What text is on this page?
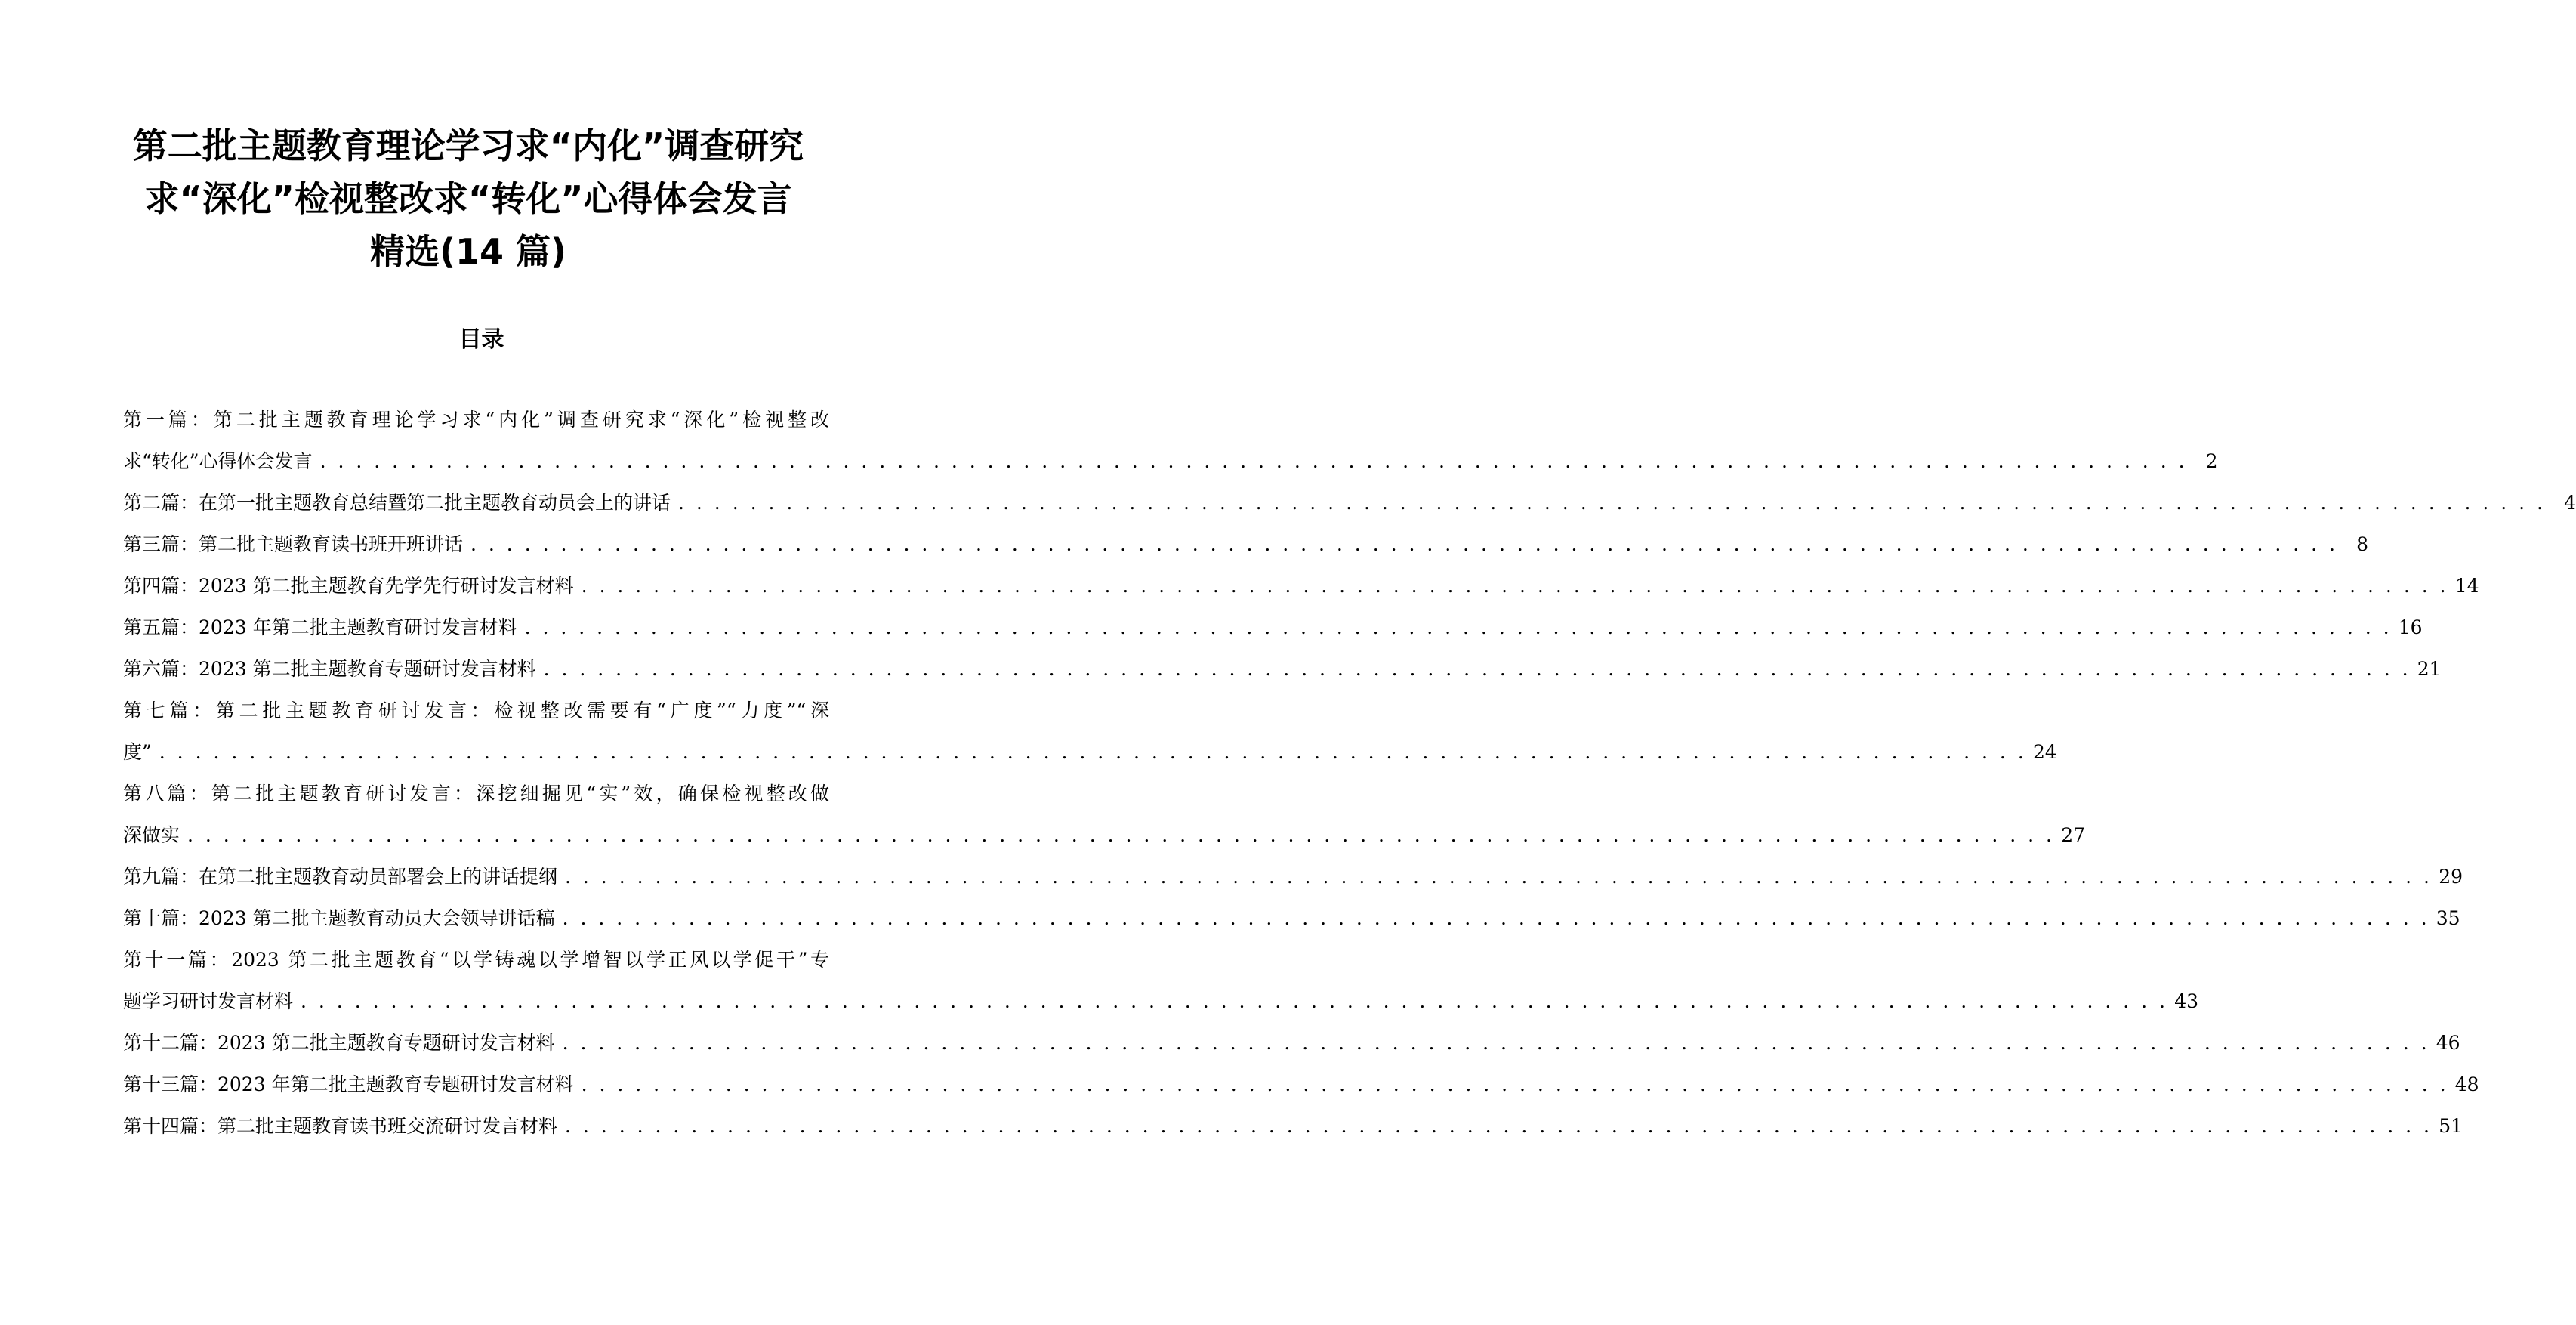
第二批主题教育理论学习求“内化”调查研究
求“深化”检视整改求“转化”心得体会发言
精选(14 篇)
目录
第一篇：第二批主题教育理论学习求“内化”调查研究求“深化”检视整改
求“转化”心得体会发言 . . . . . . . . . . . . . . . . . . . . . . . . . . . . . . . . . . . . . . . . . . . . . . . . . . . . . . . . . . . . . . . . . . . . . . . . . . . . . . . . . . . . . . . . . . . . . . . . . . . . . . . . 2
第二篇：在第一批主题教育总结暨第二批主题教育动员会上的讲话 . . . . . . . . . . . . . . . . . . . . . . . . . . . . . . . . . . . . . . . . . . . . . . . . . . . . . . . . . . . . . . . . . . . . . . . . . . . . . . . . . . . . . . . . . . . . . . . . . . . . . . . . 4
第三篇：第二批主题教育读书班开班讲话 . . . . . . . . . . . . . . . . . . . . . . . . . . . . . . . . . . . . . . . . . . . . . . . . . . . . . . . . . . . . . . . . . . . . . . . . . . . . . . . . . . . . . . . . . . . . . . . . . . . . . . . . 8
第四篇：2023 第二批主题教育先学先行研讨发言材料 . . . . . . . . . . . . . . . . . . . . . . . . . . . . . . . . . . . . . . . . . . . . . . . . . . . . . . . . . . . . . . . . . . . . . . . . . . . . . . . . . . . . . . . . . . . . . . . . . . . . . . . . 14
第五篇：2023 年第二批主题教育研讨发言材料 . . . . . . . . . . . . . . . . . . . . . . . . . . . . . . . . . . . . . . . . . . . . . . . . . . . . . . . . . . . . . . . . . . . . . . . . . . . . . . . . . . . . . . . . . . . . . . . . . . . . . . . . 16
第六篇：2023 第二批主题教育专题研讨发言材料 . . . . . . . . . . . . . . . . . . . . . . . . . . . . . . . . . . . . . . . . . . . . . . . . . . . . . . . . . . . . . . . . . . . . . . . . . . . . . . . . . . . . . . . . . . . . . . . . . . . . . . . . 21
第七篇：第二批主题教育研讨发言：检视整改需要有“广度”“力度”“深
度” . . . . . . . . . . . . . . . . . . . . . . . . . . . . . . . . . . . . . . . . . . . . . . . . . . . . . . . . . . . . . . . . . . . . . . . . . . . . . . . . . . . . . . . . . . . . . . . . . . . . . . . . 24
第八篇：第二批主题教育研讨发言：深挖细掘见“实”效，确保检视整改做
深做实 . . . . . . . . . . . . . . . . . . . . . . . . . . . . . . . . . . . . . . . . . . . . . . . . . . . . . . . . . . . . . . . . . . . . . . . . . . . . . . . . . . . . . . . . . . . . . . . . . . . . . . . . 27
第九篇：在第二批主题教育动员部署会上的讲话提纲 . . . . . . . . . . . . . . . . . . . . . . . . . . . . . . . . . . . . . . . . . . . . . . . . . . . . . . . . . . . . . . . . . . . . . . . . . . . . . . . . . . . . . . . . . . . . . . . . . . . . . . . . 29
第十篇：2023 第二批主题教育动员大会领导讲话稿 . . . . . . . . . . . . . . . . . . . . . . . . . . . . . . . . . . . . . . . . . . . . . . . . . . . . . . . . . . . . . . . . . . . . . . . . . . . . . . . . . . . . . . . . . . . . . . . . . . . . . . . . 35
第十一篇：2023 第二批主题教育“以学铸魂以学增智以学正风以学促干”专
题学习研讨发言材料 . . . . . . . . . . . . . . . . . . . . . . . . . . . . . . . . . . . . . . . . . . . . . . . . . . . . . . . . . . . . . . . . . . . . . . . . . . . . . . . . . . . . . . . . . . . . . . . . . . . . . . . . 43
第十二篇：2023 第二批主题教育专题研讨发言材料 . . . . . . . . . . . . . . . . . . . . . . . . . . . . . . . . . . . . . . . . . . . . . . . . . . . . . . . . . . . . . . . . . . . . . . . . . . . . . . . . . . . . . . . . . . . . . . . . . . . . . . . . 46
第十三篇：2023 年第二批主题教育专题研讨发言材料 . . . . . . . . . . . . . . . . . . . . . . . . . . . . . . . . . . . . . . . . . . . . . . . . . . . . . . . . . . . . . . . . . . . . . . . . . . . . . . . . . . . . . . . . . . . . . . . . . . . . . . . . 48
第十四篇：第二批主题教育读书班交流研讨发言材料 . . . . . . . . . . . . . . . . . . . . . . . . . . . . . . . . . . . . . . . . . . . . . . . . . . . . . . . . . . . . . . . . . . . . . . . . . . . . . . . . . . . . . . . . . . . . . . . . . . . . . . . . 51
